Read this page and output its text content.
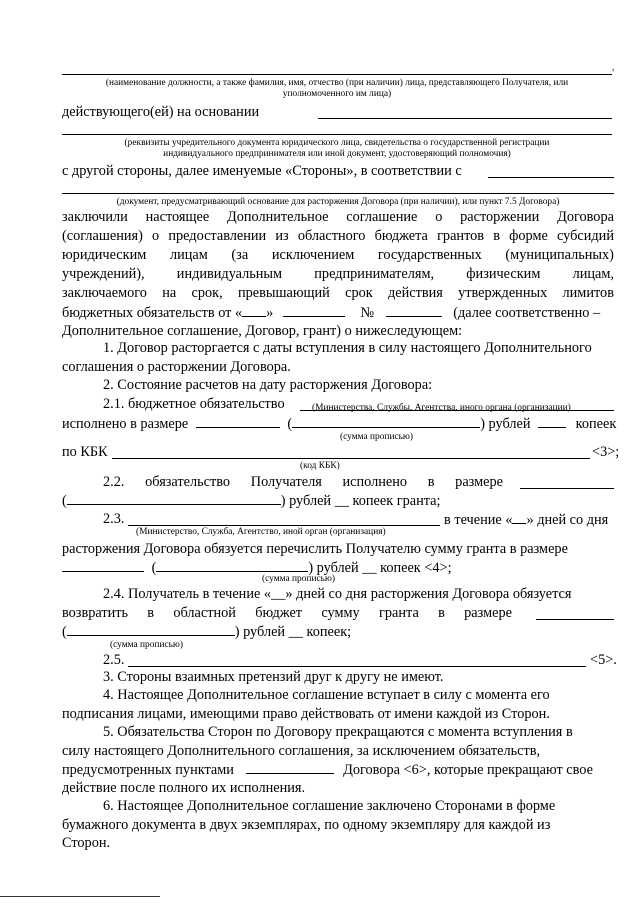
,
(наименование должности, а также фамилия, имя, отчество (при наличии) лица, представляющего Получателя, или
уполномоченного им лица)
действующего(ей) на основании
(реквизиты учредительного документа юридического лица, свидетельства о государственной регистрации
индивидуального предпринимателя или иной документ, удостоверяющий полномочия)
с другой стороны, далее именуемые «Стороны», в соответствии с
(документ, предусматривающий основание для расторжения Договора (при наличии), или пункт 7.5 Договора)
заключили настоящее Дополнительное соглашение о расторжении Договора
(соглашения) о предоставлении из областного бюджета грантов в форме субсидий
юридическим лицам (за исключением государственных (муниципальных)
учреждений), индивидуальным предпринимателям, физическим лицам,
заключаемого на срок, превышающий срок действия утвержденных лимитов
бюджетных обязательств от « »	№	(далее соответственно –
Дополнительное соглашение, Договор, грант) о нижеследующем:
1. Договор расторгается с даты вступления в силу настоящего Дополнительного
соглашения о расторжении Договора.
2. Состояние расчетов на дату расторжения Договора:
2.1. бюджетное обязательство	(Министерства, Службы, Агентства, иного органа (организации)
исполнено в размере	(	) рублей	копеек
(сумма прописью)
по КБК	<3>;
(код КБК)
2.2. обязательство Получателя исполнено в размере
(	) рублей __ копеек гранта;
2.3.	в течение « » дней со дня
(Министерство, Служба, Агентство, иной орган (организация)
расторжения Договора обязуется перечислить Получателю сумму гранта в размере
(	) рублей __ копеек <4>;
(сумма прописью)
2.4. Получатель в течение «__» дней со дня расторжения Договора обязуется
возвратить в областной бюджет сумму гранта в размере
(	) рублей __ копеек;
(сумма прописью)
2.5.	<5>.
3. Стороны взаимных претензий друг к другу не имеют.
4. Настоящее Дополнительное соглашение вступает в силу с момента его
подписания лицами, имеющими право действовать от имени каждой из Сторон.
5. Обязательства Сторон по Договору прекращаются с момента вступления в
силу настоящего Дополнительного соглашения, за исключением обязательств,
предусмотренных пунктами	Договора <6>, которые прекращают свое
действие после полного их исполнения.
6. Настоящее Дополнительное соглашение заключено Сторонами в форме
бумажного документа в двух экземплярах, по одному экземпляру для каждой из
Сторон.
